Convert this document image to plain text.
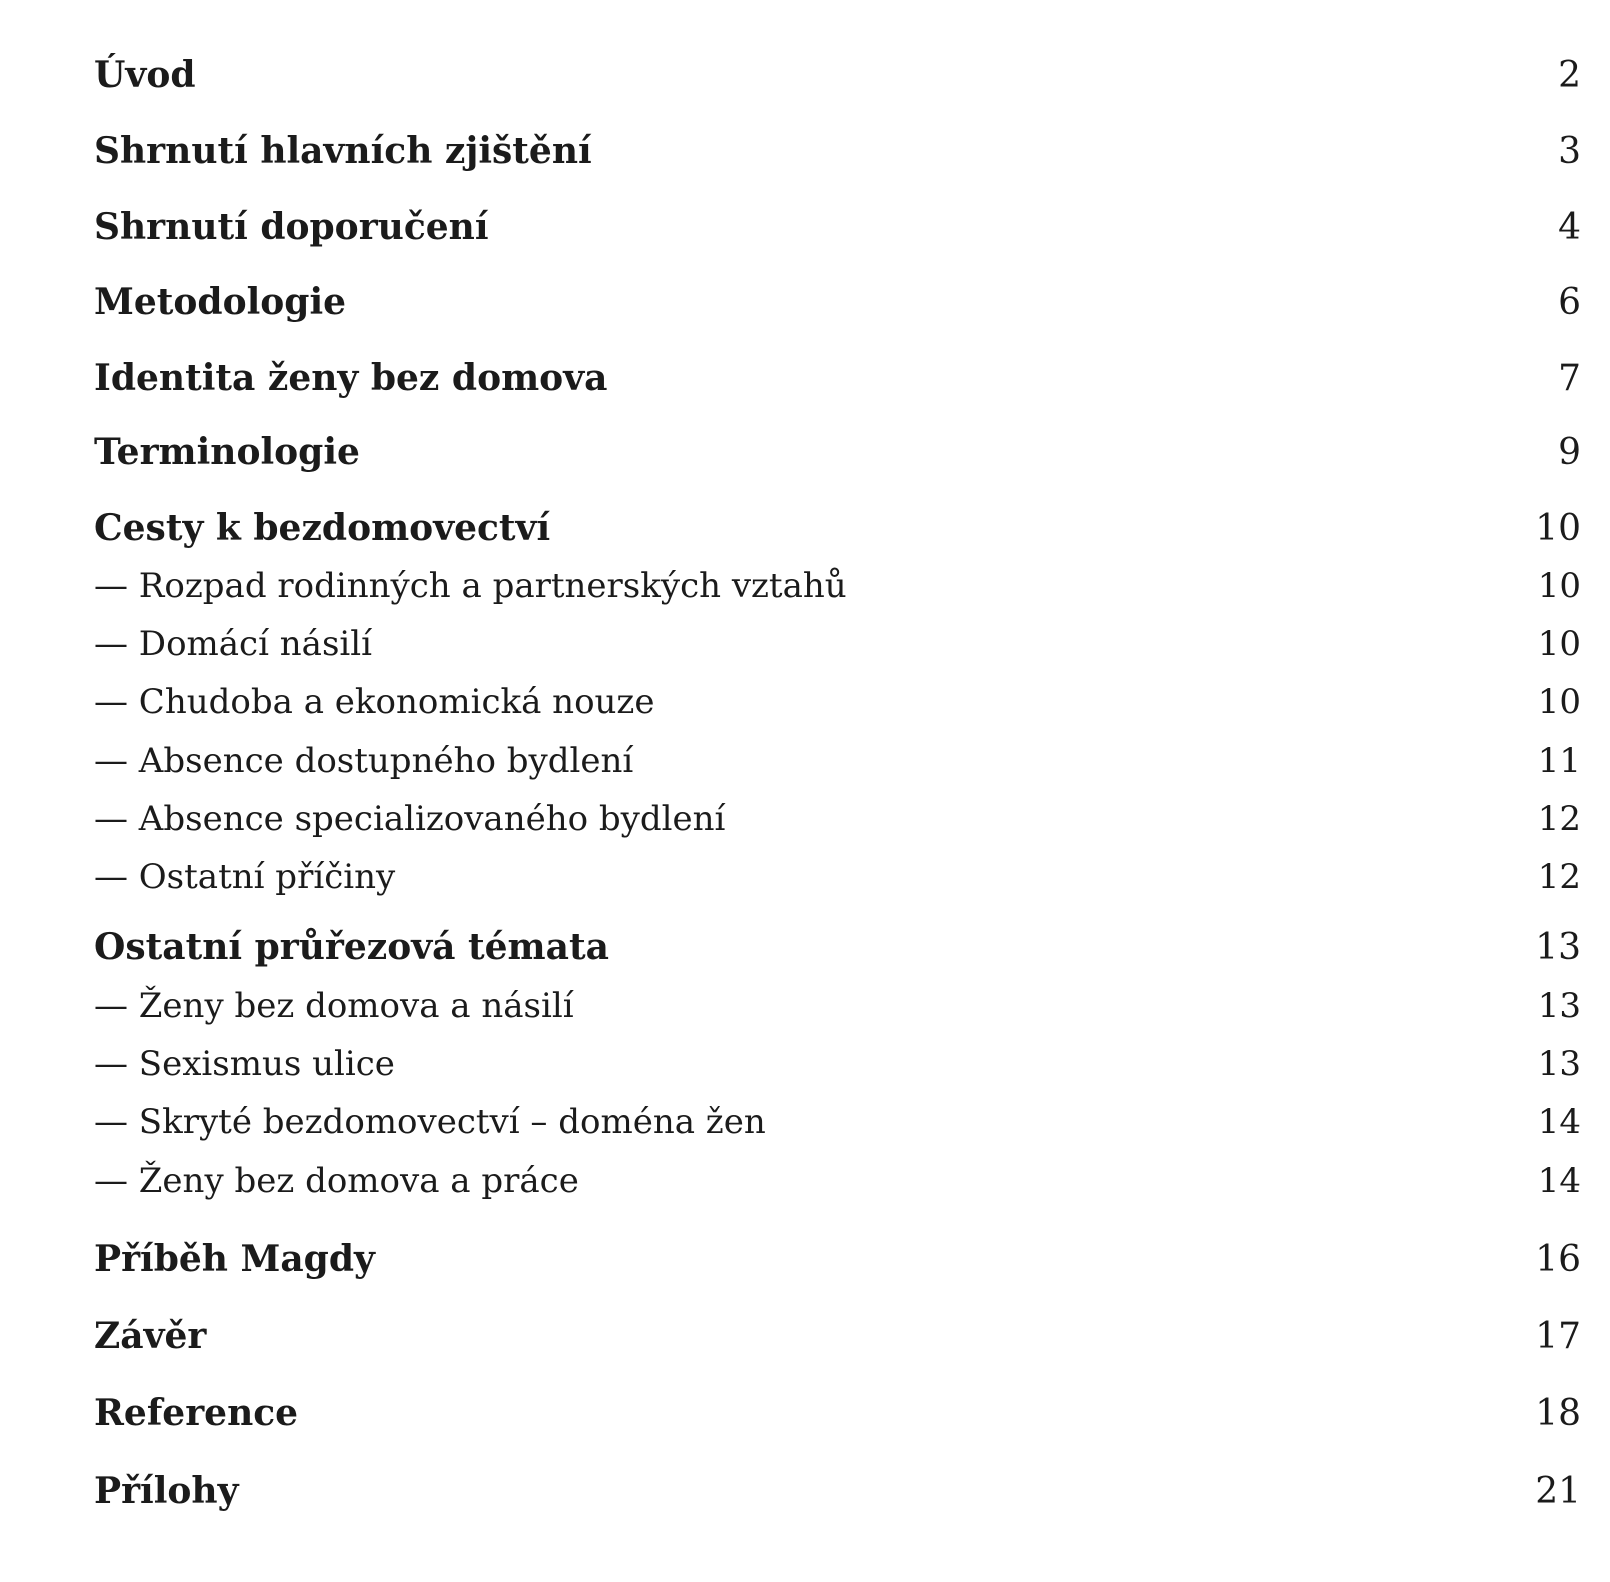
Úvod	2
Shrnutí hlavních zjištění	3
Shrnutí doporučení	4
Metodologie	6
Identita ženy bez domova	7
Terminologie	9
Cesty k bezdomovectví	10
— Rozpad rodinných a partnerských vztahů	10
— Domácí násilí	10
— Chudoba a ekonomická nouze	10
— Absence dostupného bydlení	11
— Absence specializovaného bydlení	12
— Ostatní příčiny	12
Ostatní průřezová témata	13
— Ženy bez domova a násilí	13
— Sexismus ulice	13
— Skryté bezdomovectví – doména žen	14
— Ženy bez domova a práce	14
Příběh Magdy	16
Závěr	17
Reference	18
Přílohy	21
